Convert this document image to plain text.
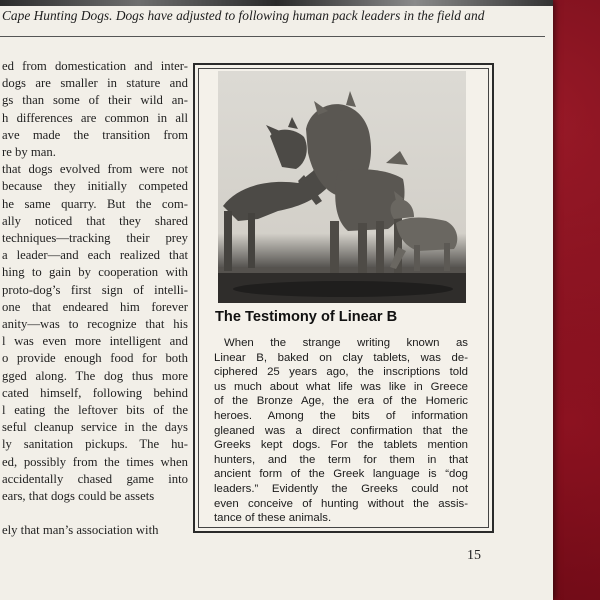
Cape Hunting Dogs. Dogs have adjusted to following human pack leaders in the field and
ed from domestication and inter-
dogs are smaller in stature and
gs than some of their wild an-
h differences are common in all
ave made the transition from
re by man.
that dogs evolved from were not
because they initially competed
he same quarry. But the com-
ally noticed that they shared
techniques—tracking their prey
a leader—and each realized that
hing to gain by cooperation with
proto-dog’s first sign of intelli-
one that endeared him forever
anity—was to recognize that his
l was even more intelligent and
o provide enough food for both
gged along. The dog thus more
cated himself, following behind
l eating the leftover bits of the
seful cleanup service in the days
ly sanitation pickups. The hu-
ed, possibly from the times when
accidentally chased game into
ears, that dogs could be assets
ely that man’s association with
The Testimony of Linear B
When the strange writing known as
Linear B, baked on clay tablets, was de-
ciphered 25 years ago, the inscriptions told
us much about what life was like in Greece
of the Bronze Age, the era of the Homeric
heroes. Among the bits of information
gleaned was a direct confirmation that the
Greeks kept dogs. For the tablets mention
hunters, and the term for them in that
ancient form of the Greek language is “dog
leaders.” Evidently the Greeks could not
even conceive of hunting without the assis-
tance of these animals.
15
